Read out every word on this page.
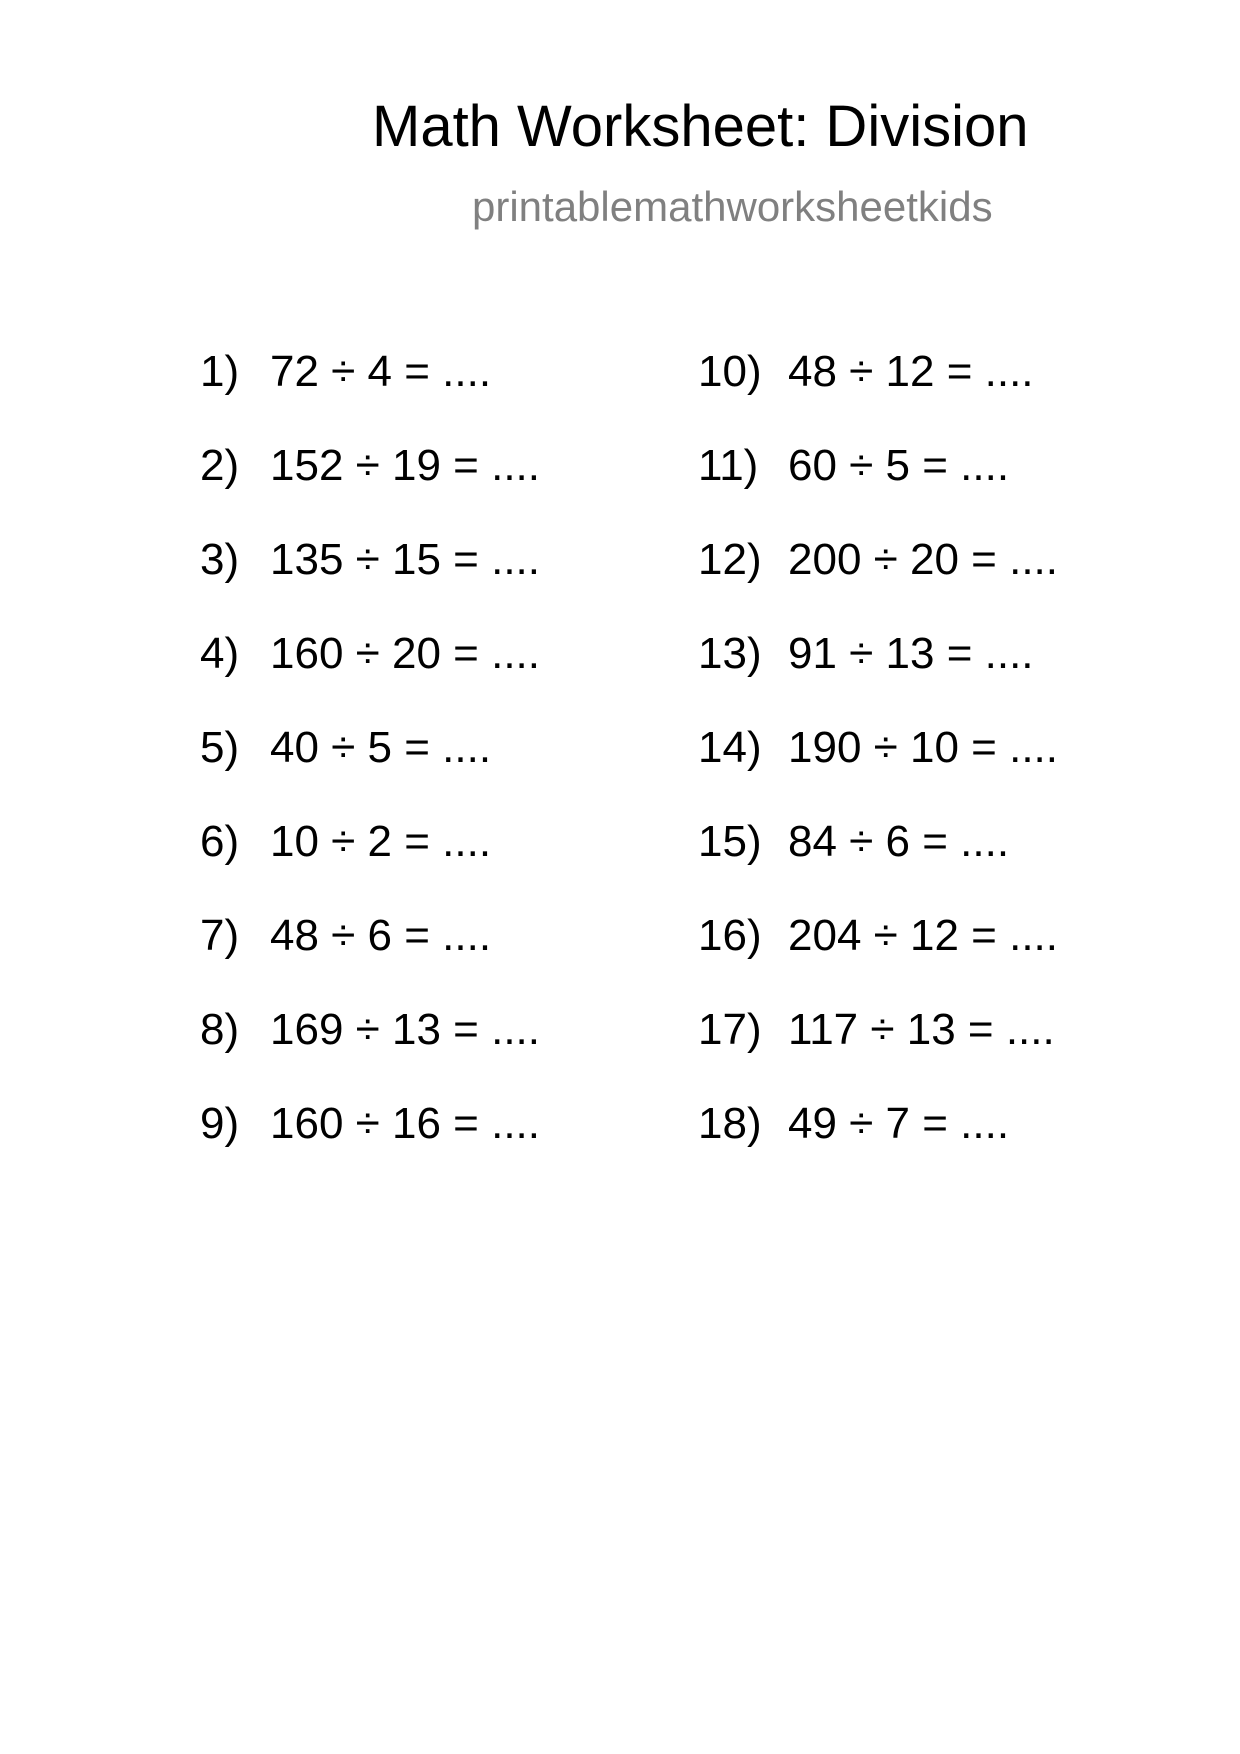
Math Worksheet: Division
printablemathworksheetkids
1) 72 ÷ 4 = ....
2) 152 ÷ 19 = ....
3) 135 ÷ 15 = ....
4) 160 ÷ 20 = ....
5) 40 ÷ 5 = ....
6) 10 ÷ 2 = ....
7) 48 ÷ 6 = ....
8) 169 ÷ 13 = ....
9) 160 ÷ 16 = ....
10) 48 ÷ 12 = ....
11) 60 ÷ 5 = ....
12) 200 ÷ 20 = ....
13) 91 ÷ 13 = ....
14) 190 ÷ 10 = ....
15) 84 ÷ 6 = ....
16) 204 ÷ 12 = ....
17) 117 ÷ 13 = ....
18) 49 ÷ 7 = ....
